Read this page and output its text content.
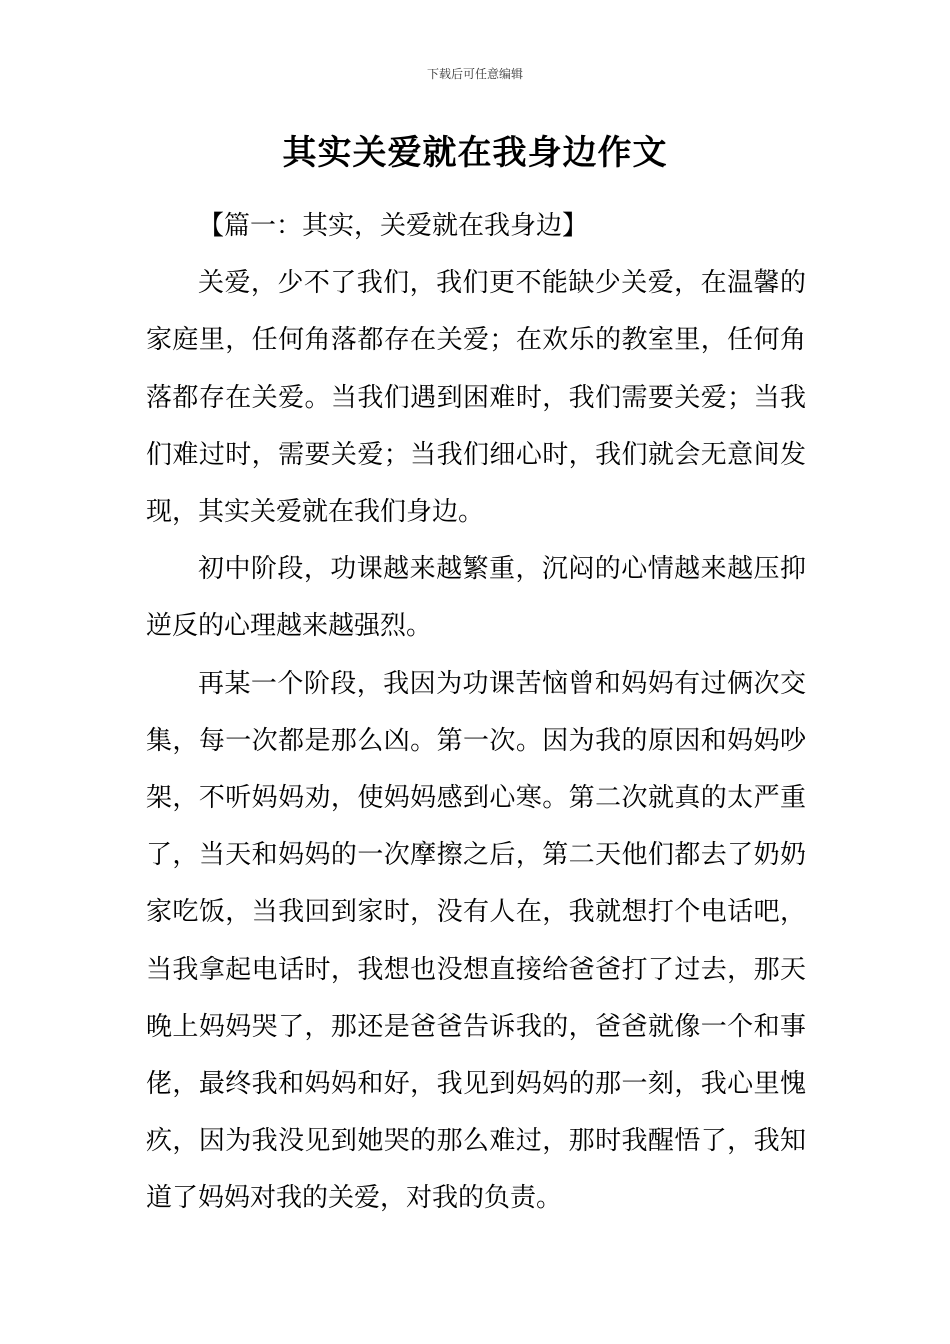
下载后可任意编辑
其实关爱就在我身边作文

【篇一：其实，关爱就在我身边】

关爱，少不了我们，我们更不能缺少关爱，在温馨的家庭里，任何角落都存在关爱；在欢乐的教室里，任何角落都存在关爱。当我们遇到困难时，我们需要关爱；当我们难过时，需要关爱；当我们细心时，我们就会无意间发现，其实关爱就在我们身边。

初中阶段，功课越来越繁重，沉闷的心情越来越压抑逆反的心理越来越强烈。

再某一个阶段，我因为功课苦恼曾和妈妈有过俩次交集，每一次都是那么凶。第一次。因为我的原因和妈妈吵架，不听妈妈劝，使妈妈感到心寒。第二次就真的太严重了，当天和妈妈的一次摩擦之后，第二天他们都去了奶奶家吃饭，当我回到家时，没有人在，我就想打个电话吧，当我拿起电话时，我想也没想直接给爸爸打了过去，那天晚上妈妈哭了，那还是爸爸告诉我的，爸爸就像一个和事佬，最终我和妈妈和好，我见到妈妈的那一刻，我心里愧疚，因为我没见到她哭的那么难过，那时我醒悟了，我知道了妈妈对我的关爱，对我的负责。
